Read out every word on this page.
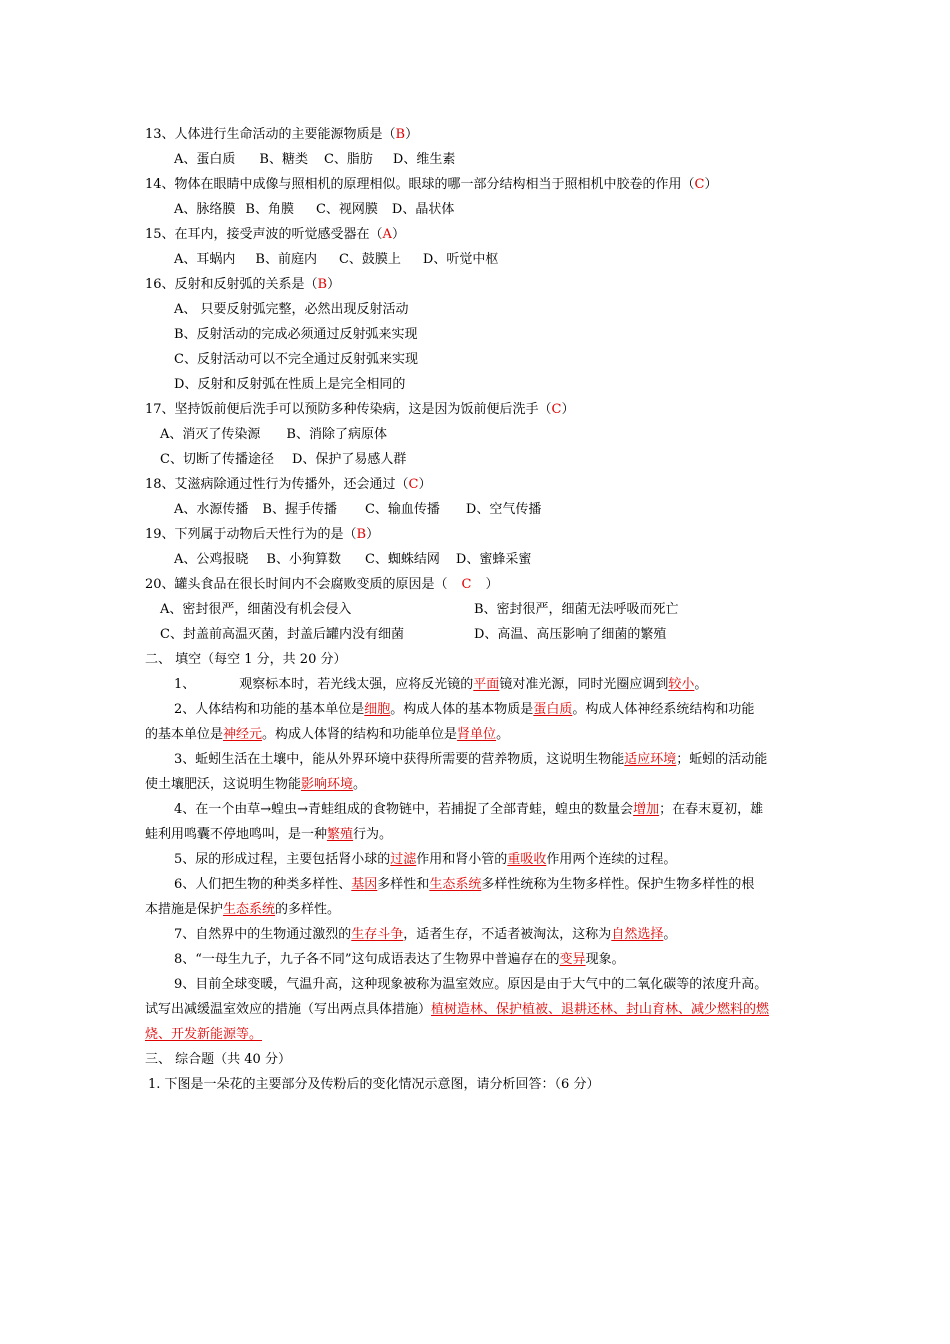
13、人体进行生命活动的主要能源物质是（B）
A、蛋白质 B、糖类 C、脂肪 D、维生素
14、物体在眼睛中成像与照相机的原理相似。眼球的哪一部分结构相当于照相机中胶卷的作用（C）
A、脉络膜 B、角膜 C、视网膜 D、晶状体
15、在耳内，接受声波的听觉感受器在（A）
A、耳蜗内 B、前庭内 C、鼓膜上 D、听觉中枢
16、反射和反射弧的关系是（B）
A、 只要反射弧完整，必然出现反射活动
B、反射活动的完成必须通过反射弧来实现
C、反射活动可以不完全通过反射弧来实现
D、反射和反射弧在性质上是完全相同的
17、坚持饭前便后洗手可以预防多种传染病，这是因为饭前便后洗手（C）
A、消灭了传染源 B、消除了病原体
C、切断了传播途径 D、保护了易感人群
18、艾滋病除通过性行为传播外，还会通过（C）
A、水源传播 B、握手传播 C、输血传播 D、空气传播
19、下列属于动物后天性行为的是（B）
A、公鸡报晓 B、小狗算数 C、蜘蛛结网 D、蜜蜂采蜜
20、罐头食品在很长时间内不会腐败变质的原因是（ C ）
A、密封很严，细菌没有机会侵入	B、密封很严，细菌无法呼吸而死亡
C、封盖前高温灭菌，封盖后罐内没有细菌	D、高温、高压影响了细菌的繁殖
二、 填空（每空 1 分，共 20 分）
1、	观察标本时，若光线太强，应将反光镜的平面镜对准光源，同时光圈应调到较小。
2、人体结构和功能的基本单位是细胞。构成人体的基本物质是蛋白质。构成人体神经系统结构和功能
的基本单位是神经元。构成人体肾的结构和功能单位是肾单位。
3、蚯蚓生活在土壤中，能从外界环境中获得所需要的营养物质，这说明生物能适应环境；蚯蚓的活动能
使土壤肥沃，这说明生物能影响环境。
4、在一个由草→蝗虫→青蛙组成的食物链中，若捕捉了全部青蛙，蝗虫的数量会增加；在春末夏初，雄
蛙利用鸣囊不停地鸣叫，是一种繁殖行为。
5、尿的形成过程，主要包括肾小球的过滤作用和肾小管的重吸收作用两个连续的过程。
6、人们把生物的种类多样性、基因多样性和生态系统多样性统称为生物多样性。保护生物多样性的根
本措施是保护生态系统的多样性。
7、自然界中的生物通过激烈的生存斗争，适者生存，不适者被淘汰，这称为自然选择。
8、“一母生九子，九子各不同”这句成语表达了生物界中普遍存在的变异现象。
9、目前全球变暖，气温升高，这种现象被称为温室效应。原因是由于大气中的二氧化碳等的浓度升高。
试写出减缓温室效应的措施（写出两点具体措施）植树造林、保护植被、退耕还林、封山育林、减少燃料的燃
烧、开发新能源等。
三、 综合题（共 40 分）
1. 下图是一朵花的主要部分及传粉后的变化情况示意图，请分析回答：（6 分）
